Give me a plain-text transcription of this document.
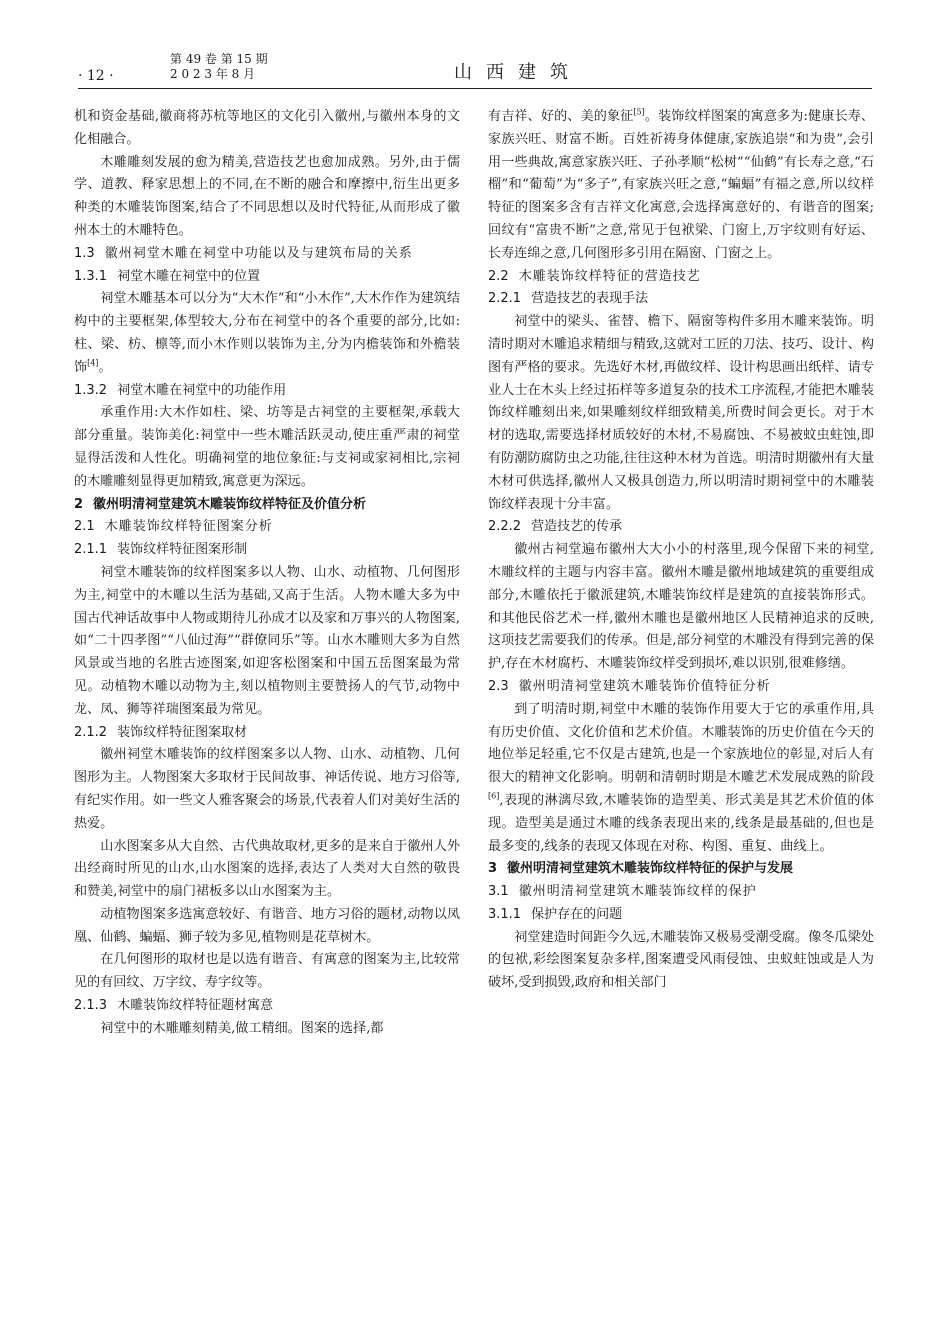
· 12 ·
第 49 卷 第 15 期
2 0 2 3 年 8 月	山西建筑

机和资金基础,徽商将苏杭等地区的文化引入徽州,与徽州本身的文化相融合。

木雕雕刻发展的愈为精美,营造技艺也愈加成熟。另外,由于儒学、道教、释家思想上的不同,在不断的融合和摩擦中,衍生出更多种类的木雕装饰图案,结合了不同思想以及时代特征,从而形成了徽州本土的木雕特色。

1.3 徽州祠堂木雕在祠堂中功能以及与建筑布局的关系
1.3.1 祠堂木雕在祠堂中的位置

祠堂木雕基本可以分为“大木作”和“小木作”,大木作作为建筑结构中的主要框架,体型较大,分布在祠堂中的各个重要的部分,比如:柱、梁、枋、檩等,而小木作则以装饰为主,分为内檐装饰和外檐装饰[4]。

1.3.2 祠堂木雕在祠堂中的功能作用

承重作用:大木作如柱、梁、坊等是古祠堂的主要框架,承载大部分重量。装饰美化:祠堂中一些木雕活跃灵动,使庄重严肃的祠堂显得活泼和人性化。明确祠堂的地位象征:与支祠或家祠相比,宗祠的木雕雕刻显得更加精致,寓意更为深远。

2 徽州明清祠堂建筑木雕装饰纹样特征及价值分析
2.1 木雕装饰纹样特征图案分析
2.1.1 装饰纹样特征图案形制

祠堂木雕装饰的纹样图案多以人物、山水、动植物、几何图形为主,祠堂中的木雕以生活为基础,又高于生活。人物木雕大多为中国古代神话故事中人物或期待儿孙成才以及家和万事兴的人物图案,如“二十四孝图”“八仙过海”“群僚同乐”等。山水木雕则大多为自然风景或当地的名胜古迹图案,如迎客松图案和中国五岳图案最为常见。动植物木雕以动物为主,刻以植物则主要赞扬人的气节,动物中龙、凤、狮等祥瑞图案最为常见。

2.1.2 装饰纹样特征图案取材

徽州祠堂木雕装饰的纹样图案多以人物、山水、动植物、几何图形为主。人物图案大多取材于民间故事、神话传说、地方习俗等,有纪实作用。如一些文人雅客聚会的场景,代表着人们对美好生活的热爱。

山水图案多从大自然、古代典故取材,更多的是来自于徽州人外出经商时所见的山水,山水图案的选择,表达了人类对大自然的敬畏和赞美,祠堂中的扇门裙板多以山水图案为主。

动植物图案多选寓意较好、有谐音、地方习俗的题材,动物以凤凰、仙鹤、蝙蝠、狮子较为多见,植物则是花草树木。

在几何图形的取材也是以选有谐音、有寓意的图案为主,比较常见的有回纹、万字纹、寿字纹等。

2.1.3 木雕装饰纹样特征题材寓意

祠堂中的木雕雕刻精美,做工精细。图案的选择,都

有吉祥、好的、美的象征[5]。装饰纹样图案的寓意多为:健康长寿、家族兴旺、财富不断。百姓祈祷身体健康,家族追崇“和为贵”,会引用一些典故,寓意家族兴旺、子孙孝顺“松树”“仙鹤”有长寿之意,“石榴”和“葡萄”为“多子”,有家族兴旺之意,“蝙蝠”有福之意,所以纹样特征的图案多含有吉祥文化寓意,会选择寓意好的、有谐音的图案;回纹有“富贵不断”之意,常见于包袱梁、门窗上,万字纹则有好运、长寿连绵之意,几何图形多引用在隔窗、门窗之上。

2.2 木雕装饰纹样特征的营造技艺
2.2.1 营造技艺的表现手法

祠堂中的梁头、雀替、檐下、隔窗等构件多用木雕来装饰。明清时期对木雕追求精细与精致,这就对工匠的刀法、技巧、设计、构图有严格的要求。先选好木材,再做纹样、设计构思画出纸样、请专业人士在木头上经过拓样等多道复杂的技术工序流程,才能把木雕装饰纹样雕刻出来,如果雕刻纹样细致精美,所费时间会更长。对于木材的选取,需要选择材质较好的木材,不易腐蚀、不易被蚊虫蛀蚀,即有防潮防腐防虫之功能,往往这种木材为首选。明清时期徽州有大量木材可供选择,徽州人又极具创造力,所以明清时期祠堂中的木雕装饰纹样表现十分丰富。

2.2.2 营造技艺的传承

徽州古祠堂遍布徽州大大小小的村落里,现今保留下来的祠堂,木雕纹样的主题与内容丰富。徽州木雕是徽州地域建筑的重要组成部分,木雕依托于徽派建筑,木雕装饰纹样是建筑的直接装饰形式。和其他民俗艺术一样,徽州木雕也是徽州地区人民精神追求的反映,这项技艺需要我们的传承。但是,部分祠堂的木雕没有得到完善的保护,存在木材腐朽、木雕装饰纹样受到损坏,难以识别,很难修缮。

2.3 徽州明清祠堂建筑木雕装饰价值特征分析

到了明清时期,祠堂中木雕的装饰作用要大于它的承重作用,具有历史价值、文化价值和艺术价值。木雕装饰的历史价值在今天的地位举足轻重,它不仅是古建筑,也是一个家族地位的彰显,对后人有很大的精神文化影响。明朝和清朝时期是木雕艺术发展成熟的阶段[6],表现的淋漓尽致,木雕装饰的造型美、形式美是其艺术价值的体现。造型美是通过木雕的线条表现出来的,线条是最基础的,但也是最多变的,线条的表现又体现在对称、构图、重复、曲线上。

3 徽州明清祠堂建筑木雕装饰纹样特征的保护与发展
3.1 徽州明清祠堂建筑木雕装饰纹样的保护
3.1.1 保护存在的问题

祠堂建造时间距今久远,木雕装饰又极易受潮受腐。像冬瓜梁处的包袱,彩绘图案复杂多样,图案遭受风雨侵蚀、虫蚁蛀蚀或是人为破坏,受到损毁,政府和相关部门
